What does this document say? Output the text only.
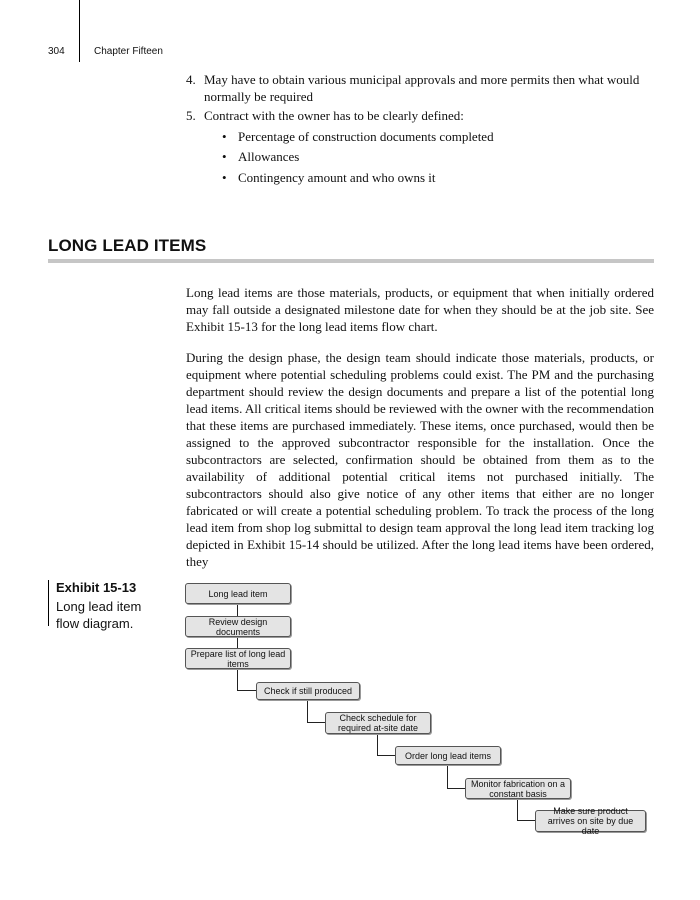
304	Chapter Fifteen
4. May have to obtain various municipal approvals and more permits then what would normally be required
5. Contract with the owner has to be clearly defined:
• Percentage of construction documents completed
• Allowances
• Contingency amount and who owns it
LONG LEAD ITEMS

Long lead items are those materials, products, or equipment that when initially ordered may fall outside a designated milestone date for when they should be at the job site. See Exhibit 15-13 for the long lead items flow chart.

During the design phase, the design team should indicate those materials, products, or equipment where potential scheduling problems could exist. The PM and the purchasing department should review the design documents and prepare a list of the potential long lead items. All critical items should be reviewed with the owner with the recommendation that these items are purchased immediately. These items, once purchased, would then be assigned to the approved subcontractor responsible for the installation. Once the subcontractors are selected, confirmation should be obtained from them as to the availability of additional potential critical items not purchased initially. The subcontractors should also give notice of any other items that either are no longer fabricated or will create a potential scheduling problem. To track the process of the long lead item from shop log submittal to design team approval the long lead item tracking log depicted in Exhibit 15-14 should be utilized. After the long lead items have been ordered, they

Exhibit 15-13
Long lead item flow diagram.
Long lead item
Review design documents
Prepare list of long lead items
Check if still produced
Check schedule for required at-site date
Order long lead items
Monitor fabrication on a constant basis
Make sure product arrives on site by due date
